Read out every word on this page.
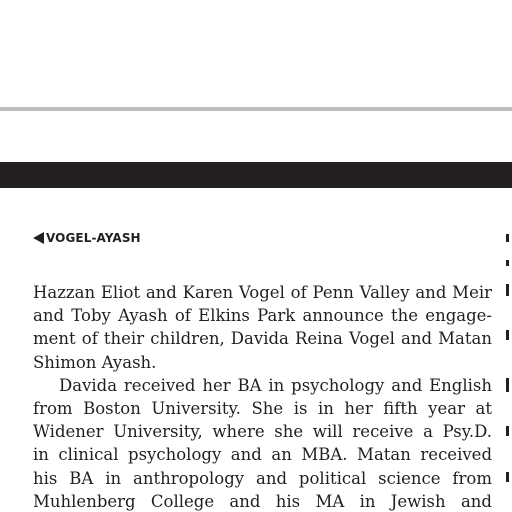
VOGEL-AYASH
Hazzan Eliot and Karen Vogel of Penn Valley and Meir
and Toby Ayash of Elkins Park announce the engage-
ment of their children, Davida Reina Vogel and Matan
Shimon Ayash.
Davida received her BA in psychology and English
from Boston University. She is in her fifth year at
Widener University, where she will receive a Psy.D.
in clinical psychology and an MBA. Matan received
his BA in anthropology and political science from
Muhlenberg College and his MA in Jewish and
